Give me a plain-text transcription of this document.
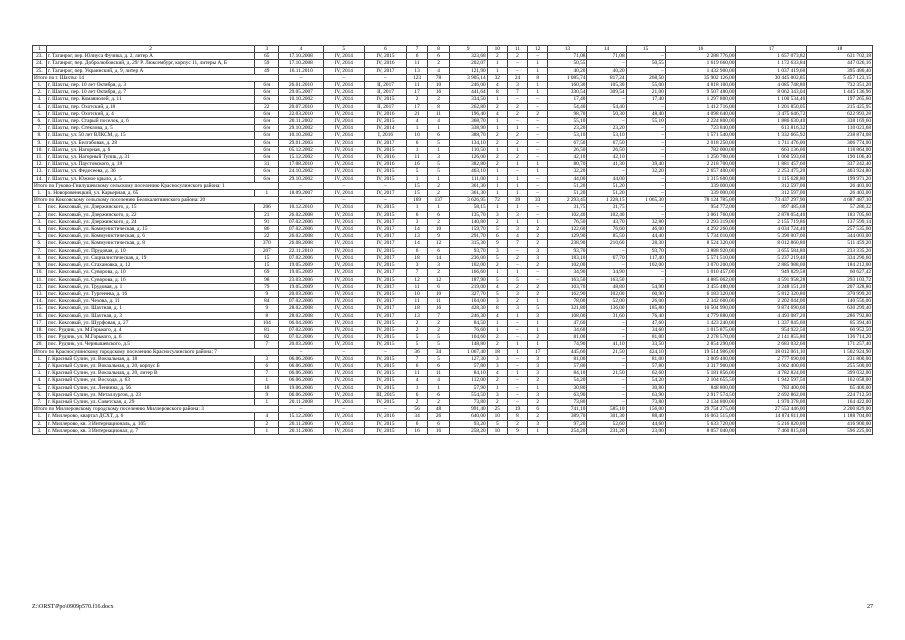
1	2	3	4	5	6	7	8	9	10	11	12	13	14	15	16	17	18
23.	г. Таганрог, пер. Юлиуса Фучика, д. 2, литер А	65	17.10.2008	IV, 2014	IV, 2015	6	6	323,68	2	2	–	71,08	71,08	–	2 288 776,00	1 657 073,82	631 702,18
24.	г. Таганрог, пер. Добролюбовский, д. 29/ Р. Люксембург, корпус 11, литеры А, Б	59	17.10.2008	IV, 2014	IV, 2016	11	2	202,07	1	–	1	50,55	–	50,55	1 619 660,00	1 172 633,84	447 026,16
25.	г. Таганрог, пер. Украинский, д. 9, литер А	49	16.11.2010	IV, 2014	IV, 2017	13	4	121,90	1	–	1	40,20	40,20	–	1 432 900,00	1 037 419,60	395 480,40
Итого по г. Шахты: 14			–	–	–	123	78	3 905,14	32	24	8	1 085,74	817,24	268,50	35 902 126,00	30 445 002,85	5 457 123,15
1.	г. Шахты, пер. 10 лет Октября, д. 3	6/н	26.01.2010	IV, 2014	II, 2017	11	10	246,00	4	3	1	160,30	105,30	55,00	4 818 100,00	4 085 748,80	732 351,20
2.	г. Шахты, пер. 10 лет Октября, д. 7	6/н	29.05.2007	IV, 2014	II, 2017	17	16	441,64	8	7	1	330,54	309,54	21,00	9 507 480,00	8 062 343,04	1 445 136,96
3.	г. Шахты, пер. Комавиолей, д. 11	6/н	10.10.2002	IV, 2014	IV, 2015	2	2	334,50	1	–	–	17,40	–	17,40	1 297 800,00	1 100 534,40	197 265,60
4.	г. Шахты, пер. Охотский, д.18	22	20.07.2010	IV, 2014	II, 2017	17	8	262,80	2	2	–	54,40	54,40	–	1 412 716,00	1 201 850,05	215 425,95
5.	г. Шахты, пер. Охотский, д. 4	6/н	22.03.2010	IV, 2014	IV, 2016	21	11	196,40	4	2	2	98,70	50,30	48,40	4 098 640,00	3 475 646,72	622 993,28
6.	г. Шахты, пер. Старый поселок, д. 6	6/н	20.11.2002	IV, 2014	IV, 2015	4	4	368,70	1	–	–	55,10	–	55,10	2 224 800,00	1 886 630,40	338 169,60
7.	г. Шахты, пер. Стеклова, д. 5	6/н	29.10.2002	IV, 2014	IV, 2014	1	1	338,90	1	1	–	23,20	23,20	–	723 840,00	613 816,32	110 023,68
8.	г. Шахты, ул. 50 лет ВЛКСМ, д. 15	6/н	10.10.2002	IV, 2014	I, 2016	10	6	388,70	2	2	–	53,10	53,10	–	1 571 540,00	1 332 665,92	238 874,08
9.	г. Шахты, ул. Белгабовая, д. 28	6/н	29.01.2003	IV, 2014	IV, 2017	6	5	134,10	2	2	–	67,50	67,50	–	2 018 250,00	1 711 476,00	306 774,00
10.	г. Шахты, ул. Нагорная, д. 6	6/н	05.12.2002	IV, 2014	IV, 2015	1	1	110,50	1	1	–	26,50	26,50	–	782 000,00	663 136,00	118 864,00
11.	г. Шахты, ул. Нагорный Тупик, д. 31	6/н	15.12.2002	IV, 2014	IV, 2016	11	3	126,00	2	2	–	42,10	42,10	–	1 250 700,00	1 060 593,60	190 106,40
12.	г. Шахты, ул. Паустовского, д. 18	31	17.08.2010	IV, 2014	IV, 2016	16	5	382,80	2	1	1	80,70	41,30	39,40	2 218 700,00	1 881 457,60	337 242,40
13.	г. Шахты, ул. Федосеева, д. 36	6/н	24.10.2002	IV, 2014	IV, 2015	5	5	463,10	1	–	1	32,20	–	32,20	2 657 400,00	2 253 475,20	403 924,80
14.	г. Шахты, ул. Южное крыло, д. 5	6/н	29.10.2002	IV, 2014	IV, 2015	1	1	111,00	1	1	–	44,00	44,00	–	1 315 600,00	1 115 628,80	199 971,20
Итого по Гуково-Гнилушевскому сельскому поселению Красносулинского района: 1			–	–	–	15	2	361,30	1	1	–	51,20	51,20	–	339 000,00	312 597,00	26 403,00
1.	х. Новоровенецкий, ул. Карьерная, д. 65	1	18.09.2007	IV, 2014	IV, 2017	15	2	361,30	1	1	–	51,20	51,20	–	339 000,00	312 597,00	26 403,00
Итого по Коксовскому сельскому поселению Белокалитвинского района: 20			–	–	–	169	137	3 626,95	72	39	33	2 293,45	1 228,15	1 065,30	78 124 785,00	73 437 297,90	4 687 487,10
1.	пос. Коксовый, ул. Дзержинского, д. 15	206	10.12.2010	IV, 2014	IV, 2015	1	1	58,15	1	1	–	31,75	31,75	–	954 772,00	897 485,68	57 286,32
2.	пос. Коксовый, ул. Дзержинского, д. 22	21	26.02.2008	IV, 2014	IV, 2015	6	6	135,70	3	3	–	102,40	102,40	–	3 061 760,00	2 878 054,40	183 705,60
3.	пос. Коксовый, ул. Дзержинского, д. 24	91	07.02.2006	IV, 2014	IV, 2017	3	2	140,80	2	1	1	76,50	43,70	32,80	2 293 319,00	2 155 719,86	137 599,14
4.	пос. Коксовый, ул. Коммунистическая, д. 15	86	07.02.2006	IV, 2014	IV, 2017	14	10	159,70	5	3	2	122,60	76,60	46,00	4 292 260,00	4 034 724,40	257 535,60
5.	пос. Коксовый, ул. Коммунистическая, д. 6	22	26.02.2008	IV, 2014	IV, 2017	13	9	291,70	6	4	2	129,90	85,50	44,40	5 734 010,00	5 390 007,00	344 003,00
6.	пос. Коксовый, ул. Коммунистическая, д. 8	370	26.08.2008	IV, 2014	IV, 2017	14	12	315,30	9	7	2	238,90	210,60	28,30	8 524 320,00	8 012 860,80	511 459,20
7.	пос. Коксовый, ул. Прудовая, д. 10	207	22.11.2010	IV, 2014	IV, 2015	6	6	93,70	3	–	3	93,70	–	93,70	3 888 920,00	3 655 584,80	233 335,20
8.	пос. Коксовый, ул. Социалистическая, д. 19	15	07.02.2006	IV, 2014	IV, 2017	18	14	236,00	5	2	3	183,10	67,70	117,40	5 571 510,00	5 237 219,40	334 290,60
9.	пос. Коксовый, ул. Стахановка, д. 12	15	19.05.2009	IV, 2014	IV, 2015	3	3	102,00	2	–	2	102,00	–	102,00	3 070 200,00	2 885 988,00	184 212,00
10.	пос. Коксовый, ул. Суворова, д. 10	69	19.05.2009	IV, 2014	IV, 2017	7	2	166,60	1	1	–	34,90	34,90	–	1 010 457,00	949 829,58	60 627,42
11.	пос. Коксовый, ул. Суворова, д. 16	98	23.03.2006	IV, 2014	IV, 2015	12	12	187,90	5	5	–	163,50	163,50	–	4 885 062,00	4 591 958,28	293 103,72
12.	пос. Коксовый, ул. Трудовая, д. 1	79	19.05.2009	IV, 2014	IV, 2017	11	6	219,00	4	2	2	103,70	48,80	54,90	3 455 480,00	3 248 151,20	207 328,80
13.	пос. Коксовый, ул. Тургенева, д. 16	9	20.03.2006	IV, 2014	IV, 2015	10	10	327,70	5	3	2	162,90	102,00	60,90	6 183 320,00	5 812 320,80	370 999,20
14.	пос. Коксовый, ул. Чехова, д. 11	84	07.02.2006	IV, 2014	IV, 2017	11	11	104,00	3	2	1	78,00	52,00	26,00	2 342 600,00	2 202 044,00	140 556,00
15.	пос. Коксовый, ул. Шахтная, д. 1	9	28.02.2008	IV, 2014	IV, 2017	18	16	428,30	8	3	5	321,80	136,00	185,80	10 504 990,00	9 874 690,60	630 299,40
16.	пос. Коксовый, ул. Шахтная, д. 3	8	28.02.2008	IV, 2014	IV, 2017	13	7	246,30	4	1	3	108,00	31,60	76,40	4 779 880,00	4 493 087,20	286 792,80
17.	пос. Коксовый, ул. Шурфовая, д. 27	104	06.04.2006	IV, 2014	IV, 2015	2	2	84,50	1	–	1	47,60	–	47,60	1 423 240,00	1 337 845,60	85 394,40
18.	пос. Рудчик, ул. М.Горького, д. 4	81	07.02.2006	IV, 2014	IV, 2015	2	2	76,60	1	–	1	34,60	–	34,60	1 015 875,00	954 922,50	60 952,50
19.	пос. Рудчик, ул. М.Горького, д. 6	82	07.02.2006	IV, 2014	IV, 2015	5	5	104,60	2	–	2	81,00	–	81,00	2 278 570,00	2 141 855,80	136 714,20
20.	пос. Рудчик, ул. Чернышевского, д.5	7	20.03.2006	IV, 2014	IV, 2015	5	5	148,80	2	1	1	74,90	41,10	33,50	2 854 290,00	2 683 032,60	171 257,40
Итого по Красносулинскому городскому поселению Красносулинского района: 7			–	–	–	36	34	1 067,40	18	1	17	445,60	21,50	424,10	19 514 986,00	18 012 061,10	1 502 924,90
1.	г. Красный Сулин, ул. Вокзальная, д. 18	3	06.06.2006	IV, 2014	IV, 2015	7	5	127,30	3	–	3	81,00	–	81,00	3 009 400,00	2 777 690,00	231 800,00
2.	г. Красный Сулин, ул. Вокзальная, д. 20, корпус Б	6	06.06.2006	IV, 2014	IV, 2015	6	6	57,80	3	–	3	57,80	–	57,80	3 317 900,00	3 062 400,00	255 500,00
3.	г. Красный Сулин, ул. Вокзальная, д. 20, литер В	7	06.06.2006	IV, 2014	IV, 2015	11	11	84,10	4	1	3	84,10	21,50	62,60	5 181 856,00	4 782 824,00	399 032,00
4.	г. Красный Сулин, ул. Восхода, д. 63	1	06.06.2006	IV, 2014	IV, 2015	4	4	112,00	2	–	2	54,20	–	54,20	2 104 655,50	1 942 597,50	162 058,00
5.	г. Красный Сулин, ул. Ленинна, д. 56	18	19.06.2006	IV, 2014	IV, 2015	1	1	57,90	1	–	1	30,80	–	30,80	848 800,00	783 400,00	65 400,00
6.	г. Красный Сулин, ул. Металлургов, д. 23	9	06.06.2006	IV, 2014	III, 2015	6	6	554,50	3	–	3	63,90	–	63,90	2 917 574,50	2 692 862,00	224 712,50
7.	г. Красный Сулин, ул. Советская, д. 29	1	20.11.2008	IV, 2014	IV, 2015	2	2	73,80	2	–	2	73,80	–	73,80	2 134 800,00	1 970 378,00	164 422,00
Итого по Миллеровскому городскому поселению Миллеровского района: 3			–	–	–	56	48	991,40	25	19	6	741,10	585,10	156,00	29 754 275,00	27 553 446,00	2 200 829,00
1.	г. Миллерово, квартал ДСХТ, д. 6	4	15.12.2006	IV, 2014	IV, 2016	34	26	640,00	10	8	2	389,70	301,30	88,40	16 063 515,00	14 874 811,00	1 188 704,00
2.	г. Миллерово, кв. 3 Интернациональ, д. 105	2	20.11.2006	IV, 2014	IV, 2015	6	6	93,20	5	2	3	97,20	52,60	44,60	5 633 720,00	5 216 820,00	416 900,00
3.	г. Миллерово, кв. 3 Интернационал, д. 7	1	20.11.2006	IV, 2014	IV, 2015	16	16	258,20	10	9	1	254,20	231,20	23,00	8 057 040,00	7 460 815,00	596 225,00
Z:\ORST\Ppo\0909p570.f16.docx	27
